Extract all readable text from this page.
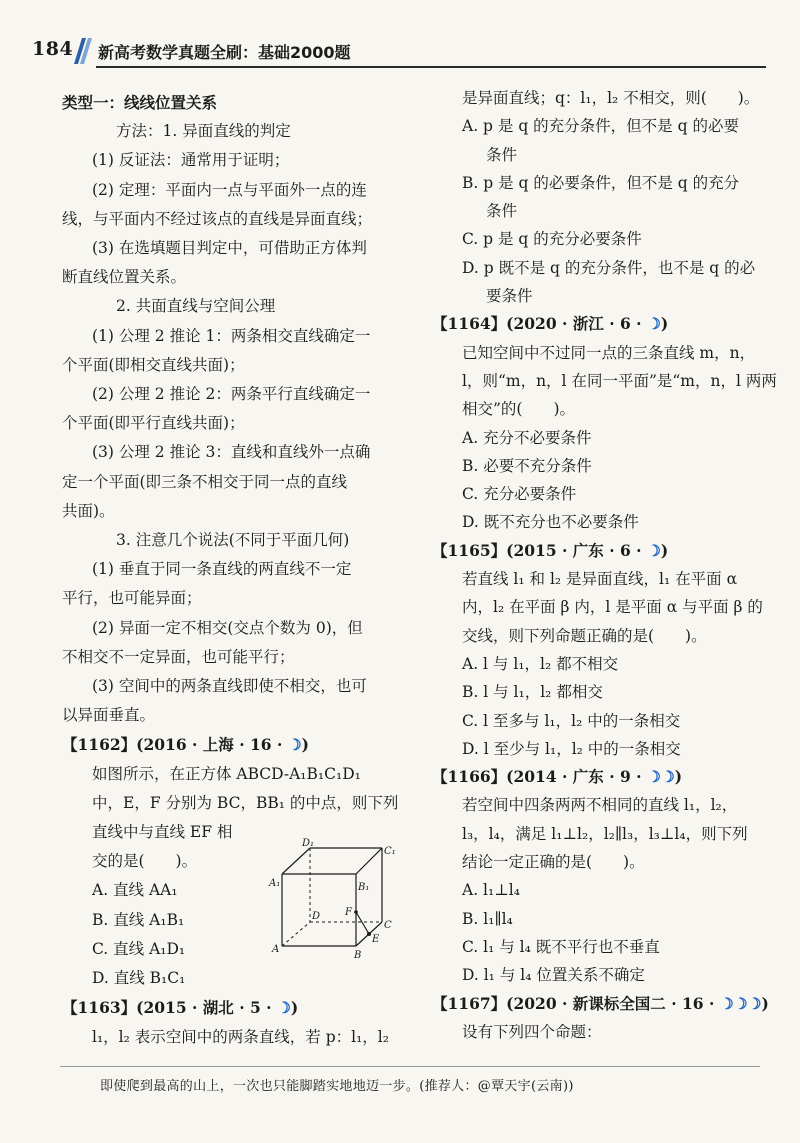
184 新高考数学真题全刷：基础2000题
类型一：线线位置关系
方法：1. 异面直线的判定
(1) 反证法：通常用于证明；
(2) 定理：平面内一点与平面外一点的连
线，与平面内不经过该点的直线是异面直线；
(3) 在选填题目判定中，可借助正方体判
断直线位置关系。
2. 共面直线与空间公理
(1) 公理 2 推论 1：两条相交直线确定一
个平面(即相交直线共面)；
(2) 公理 2 推论 2：两条平行直线确定一
个平面(即平行直线共面)；
(3) 公理 2 推论 3：直线和直线外一点确
定一个平面(即三条不相交于同一点的直线
共面)。
3. 注意几个说法(不同于平面几何)
(1) 垂直于同一条直线的两直线不一定
平行，也可能异面；
(2) 异面一定不相交(交点个数为 0)，但
不相交不一定异面，也可能平行；
(3) 空间中的两条直线即使不相交，也可
以异面垂直。
【1162】(2016 · 上海 · 16 · ☽)
如图所示，在正方体 ABCD-A₁B₁C₁D₁
中，E，F 分别为 BC，BB₁ 的中点，则下列
直线中与直线 EF 相
交的是(　　)。
A. 直线 AA₁
B. 直线 A₁B₁
C. 直线 A₁D₁
D. 直线 B₁C₁
【1163】(2015 · 湖北 · 5 · ☽)
l₁，l₂ 表示空间中的两条直线，若 p：l₁，l₂
是异面直线；q：l₁，l₂ 不相交，则(　　)。
A. p 是 q 的充分条件，但不是 q 的必要
条件
B. p 是 q 的必要条件，但不是 q 的充分
条件
C. p 是 q 的充分必要条件
D. p 既不是 q 的充分条件，也不是 q 的必
要条件
【1164】(2020 · 浙江 · 6 · ☽)
已知空间中不过同一点的三条直线 m，n，
l，则“m，n，l 在同一平面”是“m，n，l 两两
相交”的(　　)。
A. 充分不必要条件
B. 必要不充分条件
C. 充分必要条件
D. 既不充分也不必要条件
【1165】(2015 · 广东 · 6 · ☽)
若直线 l₁ 和 l₂ 是异面直线，l₁ 在平面 α
内，l₂ 在平面 β 内，l 是平面 α 与平面 β 的
交线，则下列命题正确的是(　　)。
A. l 与 l₁，l₂ 都不相交
B. l 与 l₁，l₂ 都相交
C. l 至多与 l₁，l₂ 中的一条相交
D. l 至少与 l₁，l₂ 中的一条相交
【1166】(2014 · 广东 · 9 · ☽☽)
若空间中四条两两不相同的直线 l₁，l₂，
l₃，l₄，满足 l₁⊥l₂，l₂∥l₃，l₃⊥l₄，则下列
结论一定正确的是(　　)。
A. l₁⊥l₄
B. l₁∥l₄
C. l₁ 与 l₄ 既不平行也不垂直
D. l₁ 与 l₄ 位置关系不确定
【1167】(2020 · 新课标全国二 · 16 · ☽☽☽)
设有下列四个命题：
D₁
C₁
A₁	B₁
D F
C
A
E
B
即使爬到最高的山上，一次也只能脚踏实地地迈一步。(推荐人：@覃天宇(云南))
